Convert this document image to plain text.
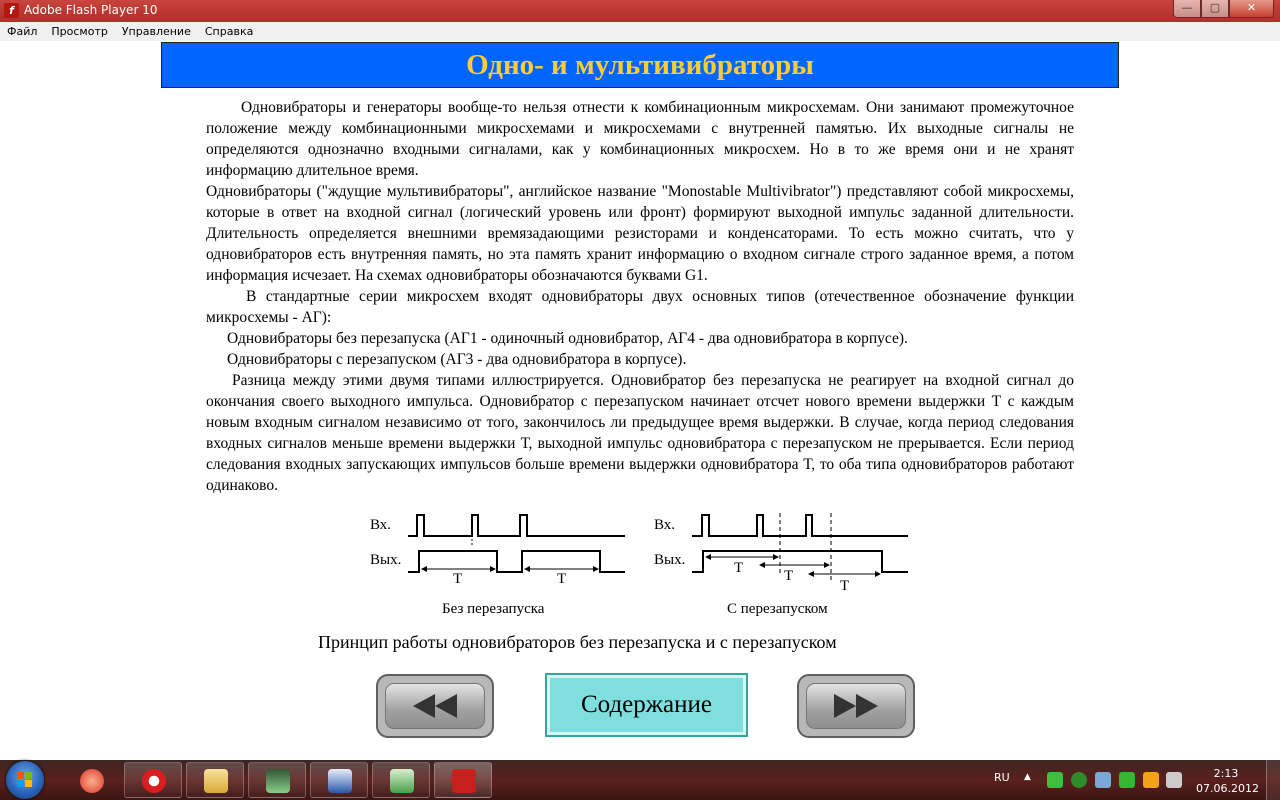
f Adobe Flash Player 10	—	▢	✕
Файл	Просмотр	Управление	Справка
Одно- и мультивибраторы

Одновибраторы и генераторы вообще-то нельзя отнести к комбинационным микросхемам. Они занимают промежуточное положение между комбинационными микросхемами и микросхемами с внутренней памятью. Их выходные сигналы не определяются однозначно входными сигналами, как у комбинационных микросхем. Но в то же время они и не хранят информацию длительное время.

Одновибраторы ("ждущие мультивибраторы", английское название "Monostable Multivibrator") представляют собой микросхемы, которые в ответ на входной сигнал (логический уровень или фронт) формируют выходной импульс заданной длительности. Длительность определяется внешними времязадающими резисторами и конденсаторами. То есть можно считать, что у одновибраторов есть внутренняя память, но эта память хранит информацию о входном сигнале строго заданное время, а потом информация исчезает. На схемах одновибраторы обозначаются буквами G1.

В стандартные серии микросхем входят одновибраторы двух основных типов (отечественное обозначение функции микросхемы - АГ):

Одновибраторы без перезапуска (АГ1 - одиночный одновибратор, АГ4 - два одновибратора в корпусе).

Одновибраторы с перезапуском (АГ3 - два одновибратора в корпусе).

Разница между этими двумя типами иллюстрируется. Одновибратор без перезапуска не реагирует на входной сигнал до окончания своего выходного импульса. Одновибратор с перезапуском начинает отсчет нового времени выдержки Т с каждым новым входным сигналом независимо от того, закончилось ли предыдущее время выдержки. В случае, когда период следования входных сигналов меньше времени выдержки Т, выходной импульс одновибратора с перезапуском не прерывается. Если период следования входных запускающих импульсов больше времени выдержки одновибратора Т, то оба типа одновибраторов работают одинаково.

Вх.
Вых.
T	T
Без перезапуска
Вх.
Вых.	T	T
T
С перезапуском
Принцип работы одновибраторов без перезапуска и с перезапуском
Содержание
RU ▲	2:13
07.06.2012
